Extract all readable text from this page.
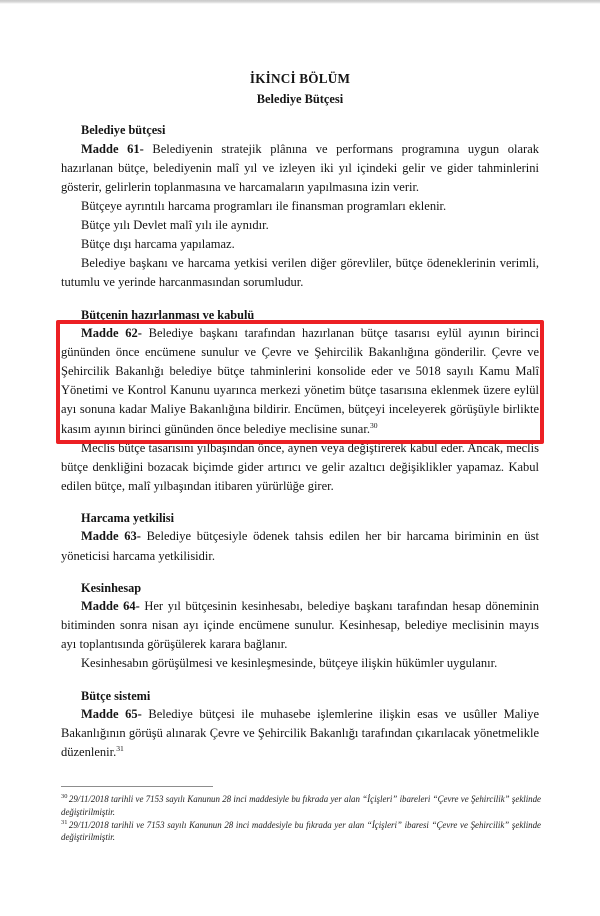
İKİNCİ BÖLÜM
Belediye Bütçesi
Belediye bütçesi

Madde 61- Belediyenin stratejik plânına ve performans programına uygun olarak hazırlanan bütçe, belediyenin malî yıl ve izleyen iki yıl içindeki gelir ve gider tahminlerini gösterir, gelirlerin toplanmasına ve harcamaların yapılmasına izin verir.

Bütçeye ayrıntılı harcama programları ile finansman programları eklenir.

Bütçe yılı Devlet malî yılı ile aynıdır.

Bütçe dışı harcama yapılamaz.

Belediye başkanı ve harcama yetkisi verilen diğer görevliler, bütçe ödeneklerinin verimli, tutumlu ve yerinde harcanmasından sorumludur.

Bütçenin hazırlanması ve kabulü

Madde 62- Belediye başkanı tarafından hazırlanan bütçe tasarısı eylül ayının birinci gününden önce encümene sunulur ve Çevre ve Şehircilik Bakanlığına gönderilir. Çevre ve Şehircilik Bakanlığı belediye bütçe tahminlerini konsolide eder ve 5018 sayılı Kamu Malî Yönetimi ve Kontrol Kanunu uyarınca merkezi yönetim bütçe tasarısına eklenmek üzere eylül ayı sonuna kadar Maliye Bakanlığına bildirir. Encümen, bütçeyi inceleyerek görüşüyle birlikte kasım ayının birinci gününden önce belediye meclisine sunar.$^{30}$

Meclis bütçe tasarısını yılbaşından önce, aynen veya değiştirerek kabul eder. Ancak, meclis bütçe denkliğini bozacak biçimde gider artırıcı ve gelir azaltıcı değişiklikler yapamaz. Kabul edilen bütçe, malî yılbaşından itibaren yürürlüğe girer.

Harcama yetkilisi

Madde 63- Belediye bütçesiyle ödenek tahsis edilen her bir harcama biriminin en üst yöneticisi harcama yetkilisidir.

Kesinhesap

Madde 64- Her yıl bütçesinin kesinhesabı, belediye başkanı tarafından hesap döneminin bitiminden sonra nisan ayı içinde encümene sunulur. Kesinhesap, belediye meclisinin mayıs ayı toplantısında görüşülerek karara bağlanır.

Kesinhesabın görüşülmesi ve kesinleşmesinde, bütçeye ilişkin hükümler uygulanır.

Bütçe sistemi

Madde 65- Belediye bütçesi ile muhasebe işlemlerine ilişkin esas ve usûller Maliye Bakanlığının görüşü alınarak Çevre ve Şehircilik Bakanlığı tarafından çıkarılacak yönetmelikle düzenlenir.$^{31}$

$^{30}$ 29/11/2018 tarihli ve 7153 sayılı Kanunun 28 inci maddesiyle bu fıkrada yer alan “İçişleri” ibareleri “Çevre ve Şehircilik” şeklinde değiştirilmiştir.

$^{31}$ 29/11/2018 tarihli ve 7153 sayılı Kanunun 28 inci maddesiyle bu fıkrada yer alan “İçişleri” ibaresi “Çevre ve Şehircilik” şeklinde değiştirilmiştir.
